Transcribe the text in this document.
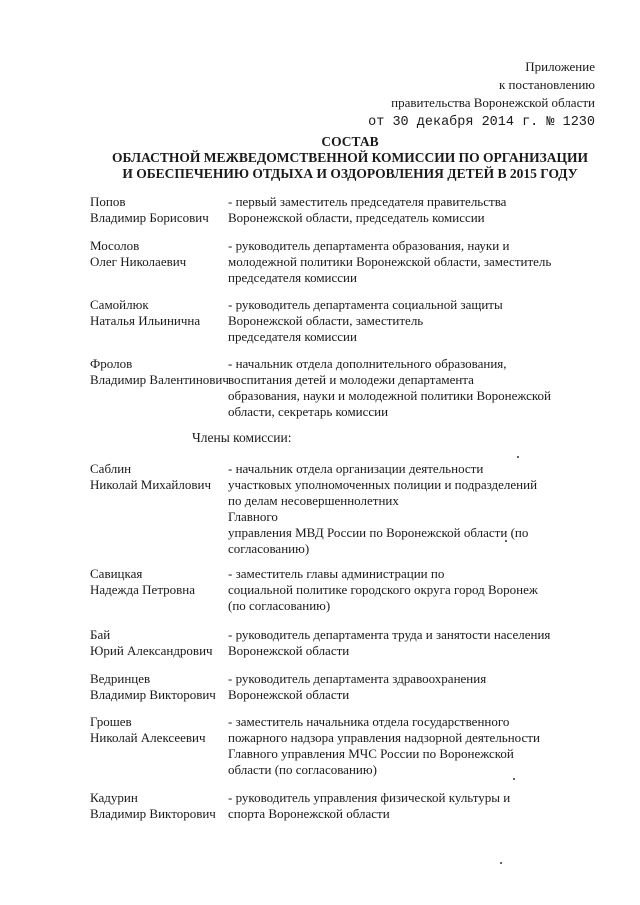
Приложение
к постановлению
правительства Воронежской области
от 30 декабря 2014 г. № 1230
СОСТАВ
ОБЛАСТНОЙ МЕЖВЕДОМСТВЕННОЙ КОМИССИИ ПО ОРГАНИЗАЦИИ
И ОБЕСПЕЧЕНИЮ ОТДЫХА И ОЗДОРОВЛЕНИЯ ДЕТЕЙ В 2015 ГОДУ
Попов
Владимир Борисович
- первый заместитель председателя правительства
Воронежской области, председатель комиссии
Мосолов
Олег Николаевич
- руководитель департамента образования, науки и
молодежной политики Воронежской области, заместитель
председателя комиссии
Самойлюк
Наталья Ильинична
- руководитель департамента социальной защиты
Воронежской области, заместитель
председателя комиссии
Фролов
Владимир Валентинович
- начальник отдела дополнительного образования,
воспитания детей и молодежи департамента
образования, науки и молодежной политики Воронежской
области, секретарь комиссии
Члены комиссии:
Саблин
Николай Михайлович
- начальник отдела организации деятельности
участковых уполномоченных полиции и подразделений
по делам несовершеннолетних
Главного
управления МВД России по Воронежской области (по
согласованию)
Савицкая
Надежда Петровна
- заместитель главы администрации по
социальной политике городского округа город Воронеж
(по согласованию)
Бай
Юрий Александрович
- руководитель департамента труда и занятости населения
Воронежской области
Ведринцев
Владимир Викторович
- руководитель департамента здравоохранения
Воронежской области
Грошев
Николай Алексеевич
- заместитель начальника отдела государственного
пожарного надзора управления надзорной деятельности
Главного управления МЧС России по Воронежской
области (по согласованию)
Кадурин
Владимир Викторович
- руководитель управления физической культуры и
спорта Воронежской области
